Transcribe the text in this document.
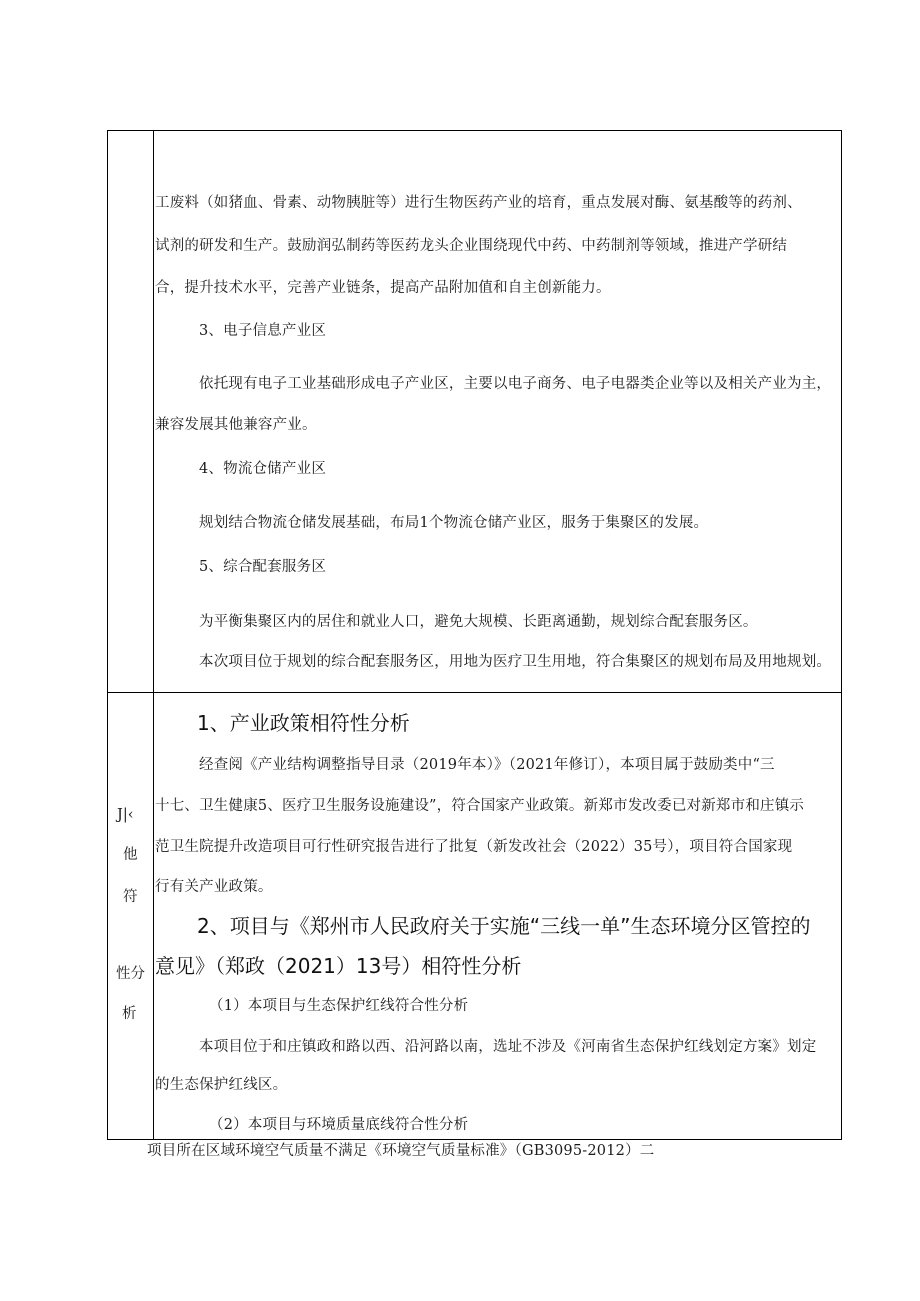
工废料（如猪血、骨素、动物胰脏等）进行生物医药产业的培育，重点发展对酶、氨基酸等的药剂、
试剂的研发和生产。鼓励润弘制药等医药龙头企业围绕现代中药、中药制剂等领域，推进产学研结
合，提升技术水平，完善产业链条，提高产品附加值和自主创新能力。
3、电子信息产业区
依托现有电子工业基础形成电子产业区，主要以电子商务、电子电器类企业等以及相关产业为主，
兼容发展其他兼容产业。
4、物流仓储产业区
规划结合物流仓储发展基础，布局1个物流仓储产业区，服务于集聚区的发展。
5、综合配套服务区
为平衡集聚区内的居住和就业人口，避免大规模、长距离通勤，规划综合配套服务区。
本次项目位于规划的综合配套服务区，用地为医疗卫生用地，符合集聚区的规划布局及用地规划。
J|‹
他
符
性分
析
1、产业政策相符性分析
经查阅《产业结构调整指导目录（2019年本）》（2021年修订），本项目属于鼓励类中“三
十七、卫生健康5、医疗卫生服务设施建设”，符合国家产业政策。新郑市发改委已对新郑市和庄镇示
范卫生院提升改造项目可行性研究报告进行了批复（新发改社会（2022）35号），项目符合国家现
行有关产业政策。
2、项目与《郑州市人民政府关于实施“三线一单”生态环境分区管控的
意见》（郑政（2021）13号）相符性分析
（1）本项目与生态保护红线符合性分析
本项目位于和庄镇政和路以西、沿河路以南，选址不涉及《河南省生态保护红线划定方案》划定
的生态保护红线区。
（2）本项目与环境质量底线符合性分析
项目所在区域环境空气质量不满足《环境空气质量标准》（GB3095-2012）二
